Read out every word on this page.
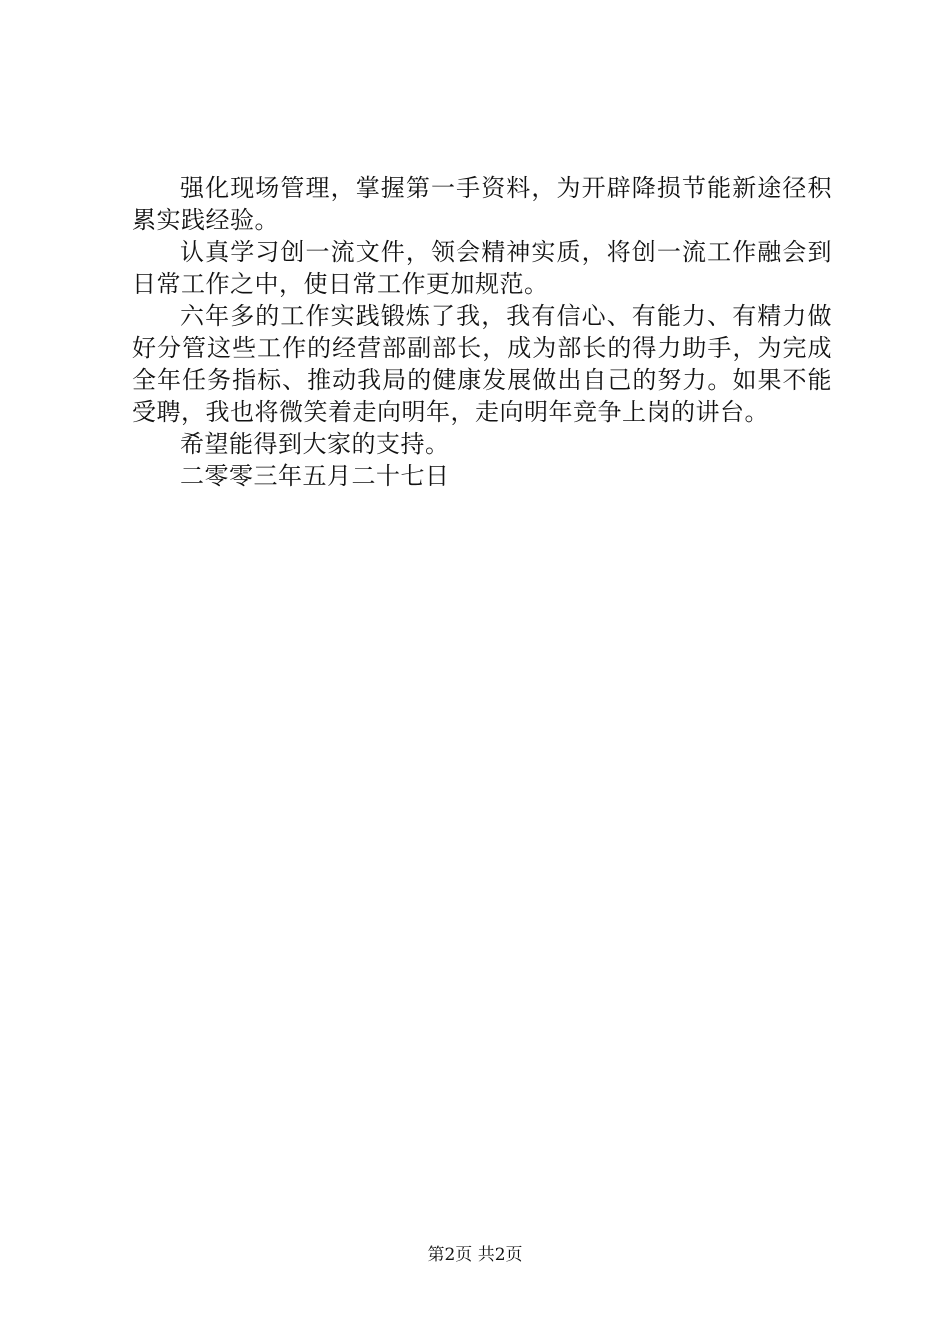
强化现场管理，掌握第一手资料，为开辟降损节能新途径积累实践经验。

认真学习创一流文件，领会精神实质，将创一流工作融会到日常工作之中，使日常工作更加规范。

六年多的工作实践锻炼了我，我有信心、有能力、有精力做好分管这些工作的经营部副部长，成为部长的得力助手，为完成全年任务指标、推动我局的健康发展做出自己的努力。如果不能受聘，我也将微笑着走向明年，走向明年竞争上岗的讲台。

希望能得到大家的支持。

二零零三年五月二十七日

第2页 共2页
